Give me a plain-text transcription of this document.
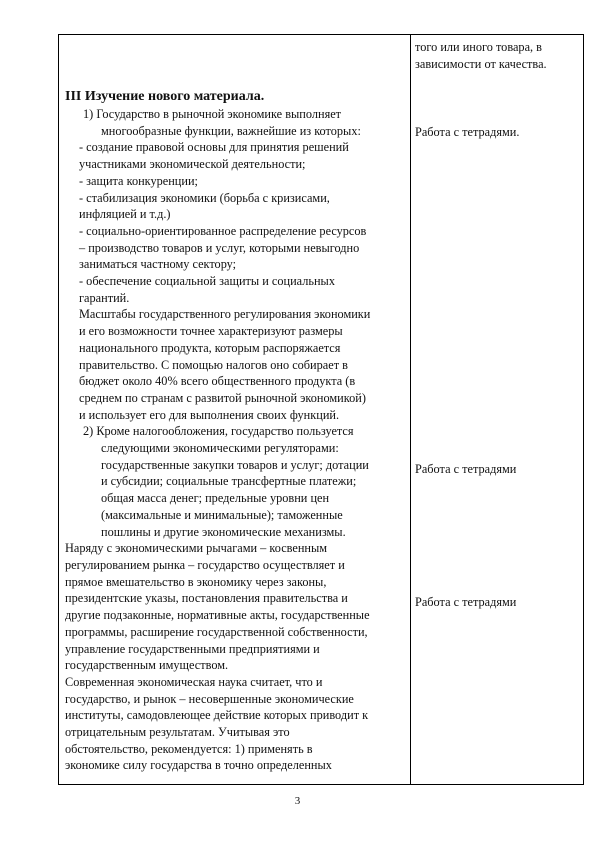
того или иного товара, в
зависимости от качества.
Работа с тетрадями.
Работа с тетрадями
Работа с тетрадями
III Изучение нового материала.
1) Государство в рыночной экономике выполняет
многообразные функции, важнейшие из которых:
- создание правовой основы для принятия решений
участниками экономической деятельности;
- защита конкуренции;
- стабилизация экономики (борьба с кризисами,
инфляцией и т.д.)
- социально-ориентированное распределение ресурсов
– производство товаров и услуг, которыми невыгодно
заниматься частному сектору;
- обеспечение социальной защиты и социальных
гарантий.
Масштабы государственного регулирования экономики
и его возможности точнее характеризуют размеры
национального продукта, которым распоряжается
правительство. С помощью налогов оно собирает в
бюджет около 40% всего общественного продукта (в
среднем по странам с развитой рыночной экономикой)
и использует его для выполнения своих функций.
2) Кроме налогообложения, государство пользуется
следующими экономическими регуляторами:
государственные закупки товаров и услуг; дотации
и субсидии; социальные трансфертные платежи;
общая масса денег; предельные уровни цен
(максимальные и минимальные); таможенные
пошлины и другие экономические механизмы.
Наряду с экономическими рычагами – косвенным
регулированием рынка – государство осуществляет и
прямое вмешательство в экономику через законы,
президентские указы, постановления правительства и
другие подзаконные, нормативные акты, государственные
программы, расширение государственной собственности,
управление государственными предприятиями и
государственным имуществом.
Современная экономическая наука считает, что и
государство, и рынок – несовершенные экономические
институты, самодовлеющее действие которых приводит к
отрицательным результатам. Учитывая это
обстоятельство, рекомендуется: 1) применять в
экономике силу государства в точно определенных
3
